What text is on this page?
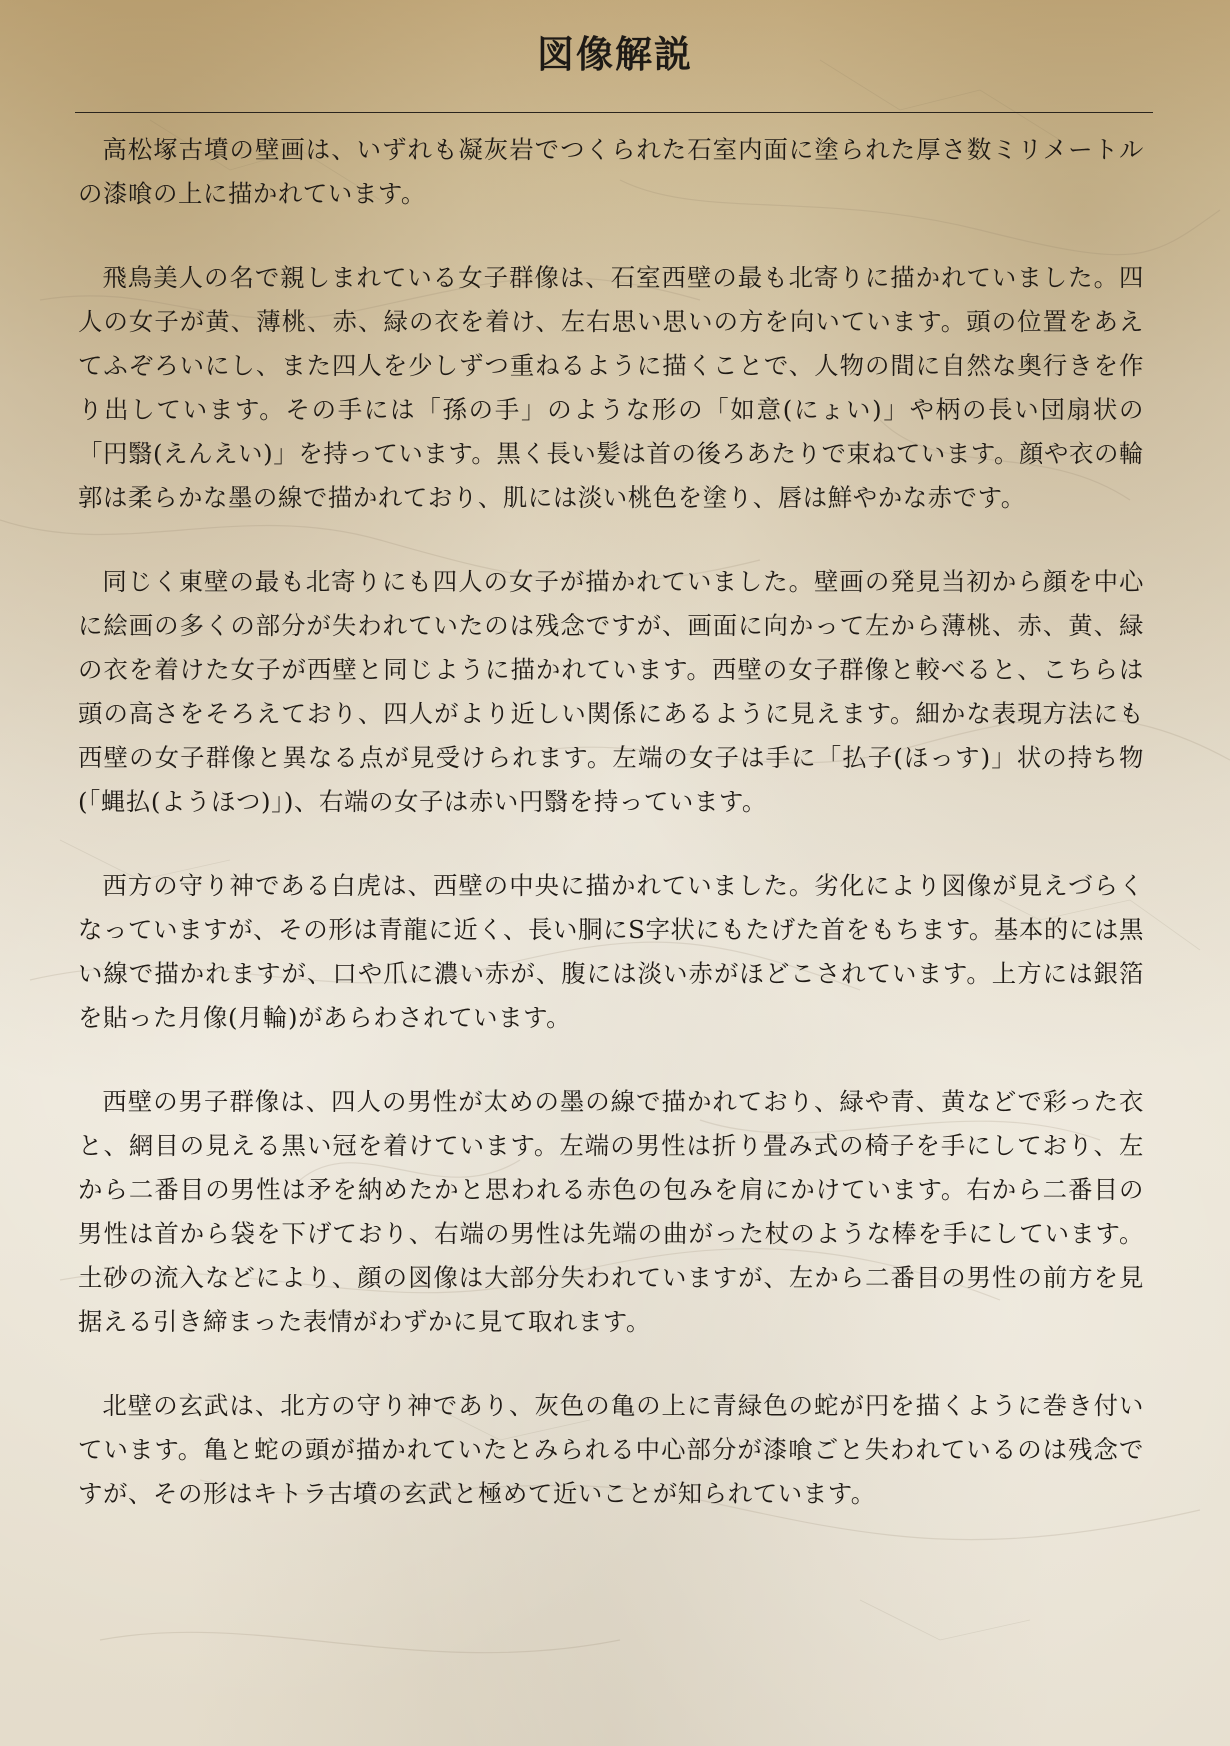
図像解説

高松塚古墳の壁画は、いずれも凝灰岩でつくられた石室内面に塗られた厚さ数ミリメートルの漆喰の上に描かれています。

飛鳥美人の名で親しまれている女子群像は、石室西壁の最も北寄りに描かれていました。四人の女子が黄、薄桃、赤、緑の衣を着け、左右思い思いの方を向いています。頭の位置をあえてふぞろいにし、また四人を少しずつ重ねるように描くことで、人物の間に自然な奥行きを作り出しています。その手には「孫の手」のような形の「如意(にょい)」や柄の長い団扇状の「円翳(えんえい)」を持っています。黒く長い髪は首の後ろあたりで束ねています。顔や衣の輪郭は柔らかな墨の線で描かれており、肌には淡い桃色を塗り、唇は鮮やかな赤です。

同じく東壁の最も北寄りにも四人の女子が描かれていました。壁画の発見当初から顔を中心に絵画の多くの部分が失われていたのは残念ですが、画面に向かって左から薄桃、赤、黄、緑の衣を着けた女子が西壁と同じように描かれています。西壁の女子群像と較べると、こちらは頭の高さをそろえており、四人がより近しい関係にあるように見えます。細かな表現方法にも西壁の女子群像と異なる点が見受けられます。左端の女子は手に「払子(ほっす)」状の持ち物(「蝿払(ようほつ)」)、右端の女子は赤い円翳を持っています。

西方の守り神である白虎は、西壁の中央に描かれていました。劣化により図像が見えづらくなっていますが、その形は青龍に近く、長い胴にS字状にもたげた首をもちます。基本的には黒い線で描かれますが、口や爪に濃い赤が、腹には淡い赤がほどこされています。上方には銀箔を貼った月像(月輪)があらわされています。

西壁の男子群像は、四人の男性が太めの墨の線で描かれており、緑や青、黄などで彩った衣と、網目の見える黒い冠を着けています。左端の男性は折り畳み式の椅子を手にしており、左から二番目の男性は矛を納めたかと思われる赤色の包みを肩にかけています。右から二番目の男性は首から袋を下げており、右端の男性は先端の曲がった杖のような棒を手にしています。土砂の流入などにより、顔の図像は大部分失われていますが、左から二番目の男性の前方を見据える引き締まった表情がわずかに見て取れます。

北壁の玄武は、北方の守り神であり、灰色の亀の上に青緑色の蛇が円を描くように巻き付いています。亀と蛇の頭が描かれていたとみられる中心部分が漆喰ごと失われているのは残念ですが、その形はキトラ古墳の玄武と極めて近いことが知られています。
